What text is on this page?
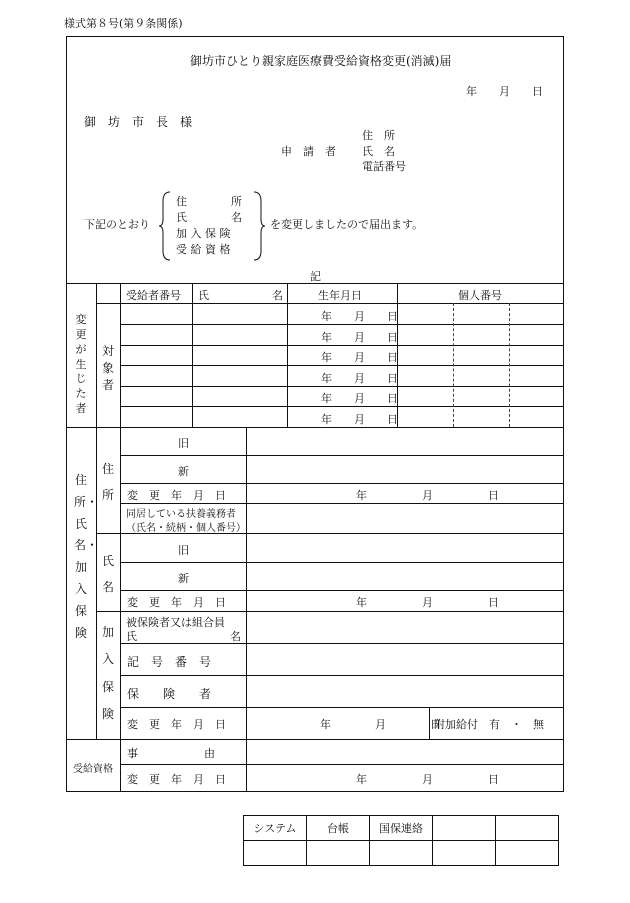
様式第８号(第９条関係)
御坊市ひとり親家庭医療費受給資格変更(消滅)届
年　　月　　日
御　坊　市　長　様
申　請　者
住　所
氏　名
電話番号
下記のとおり
住　　　　所
氏　　　　名
加 入 保 険
受 給 資 格
を変更しましたので届出ます。
記
変更が生じた者
対象者
受給者番号 氏	名	生年月日	個人番号
年　　月　　日
年　　月　　日
年　　月　　日
年　　月　　日
年　　月　　日
年　　月　　日
住所・氏名・加入保険
住所
旧
新
変　更　年　月　日	年　　　　　月　　　　　日
同居している扶養義務者
（氏名・続柄・個人番号）
氏名
旧
新
変　更　年　月　日	年　　　　　月　　　　　日
加入保険
被保険者又は組合員
氏	名
記　号　番　号
保　　険　　者
変　更　年　月　日	年　　　　月　　　　日
附加給付　有　・　無
受給資格
事　　　　　　由
変　更　年　月　日	年　　　　　月　　　　　日
システム	台帳	国保連絡		
